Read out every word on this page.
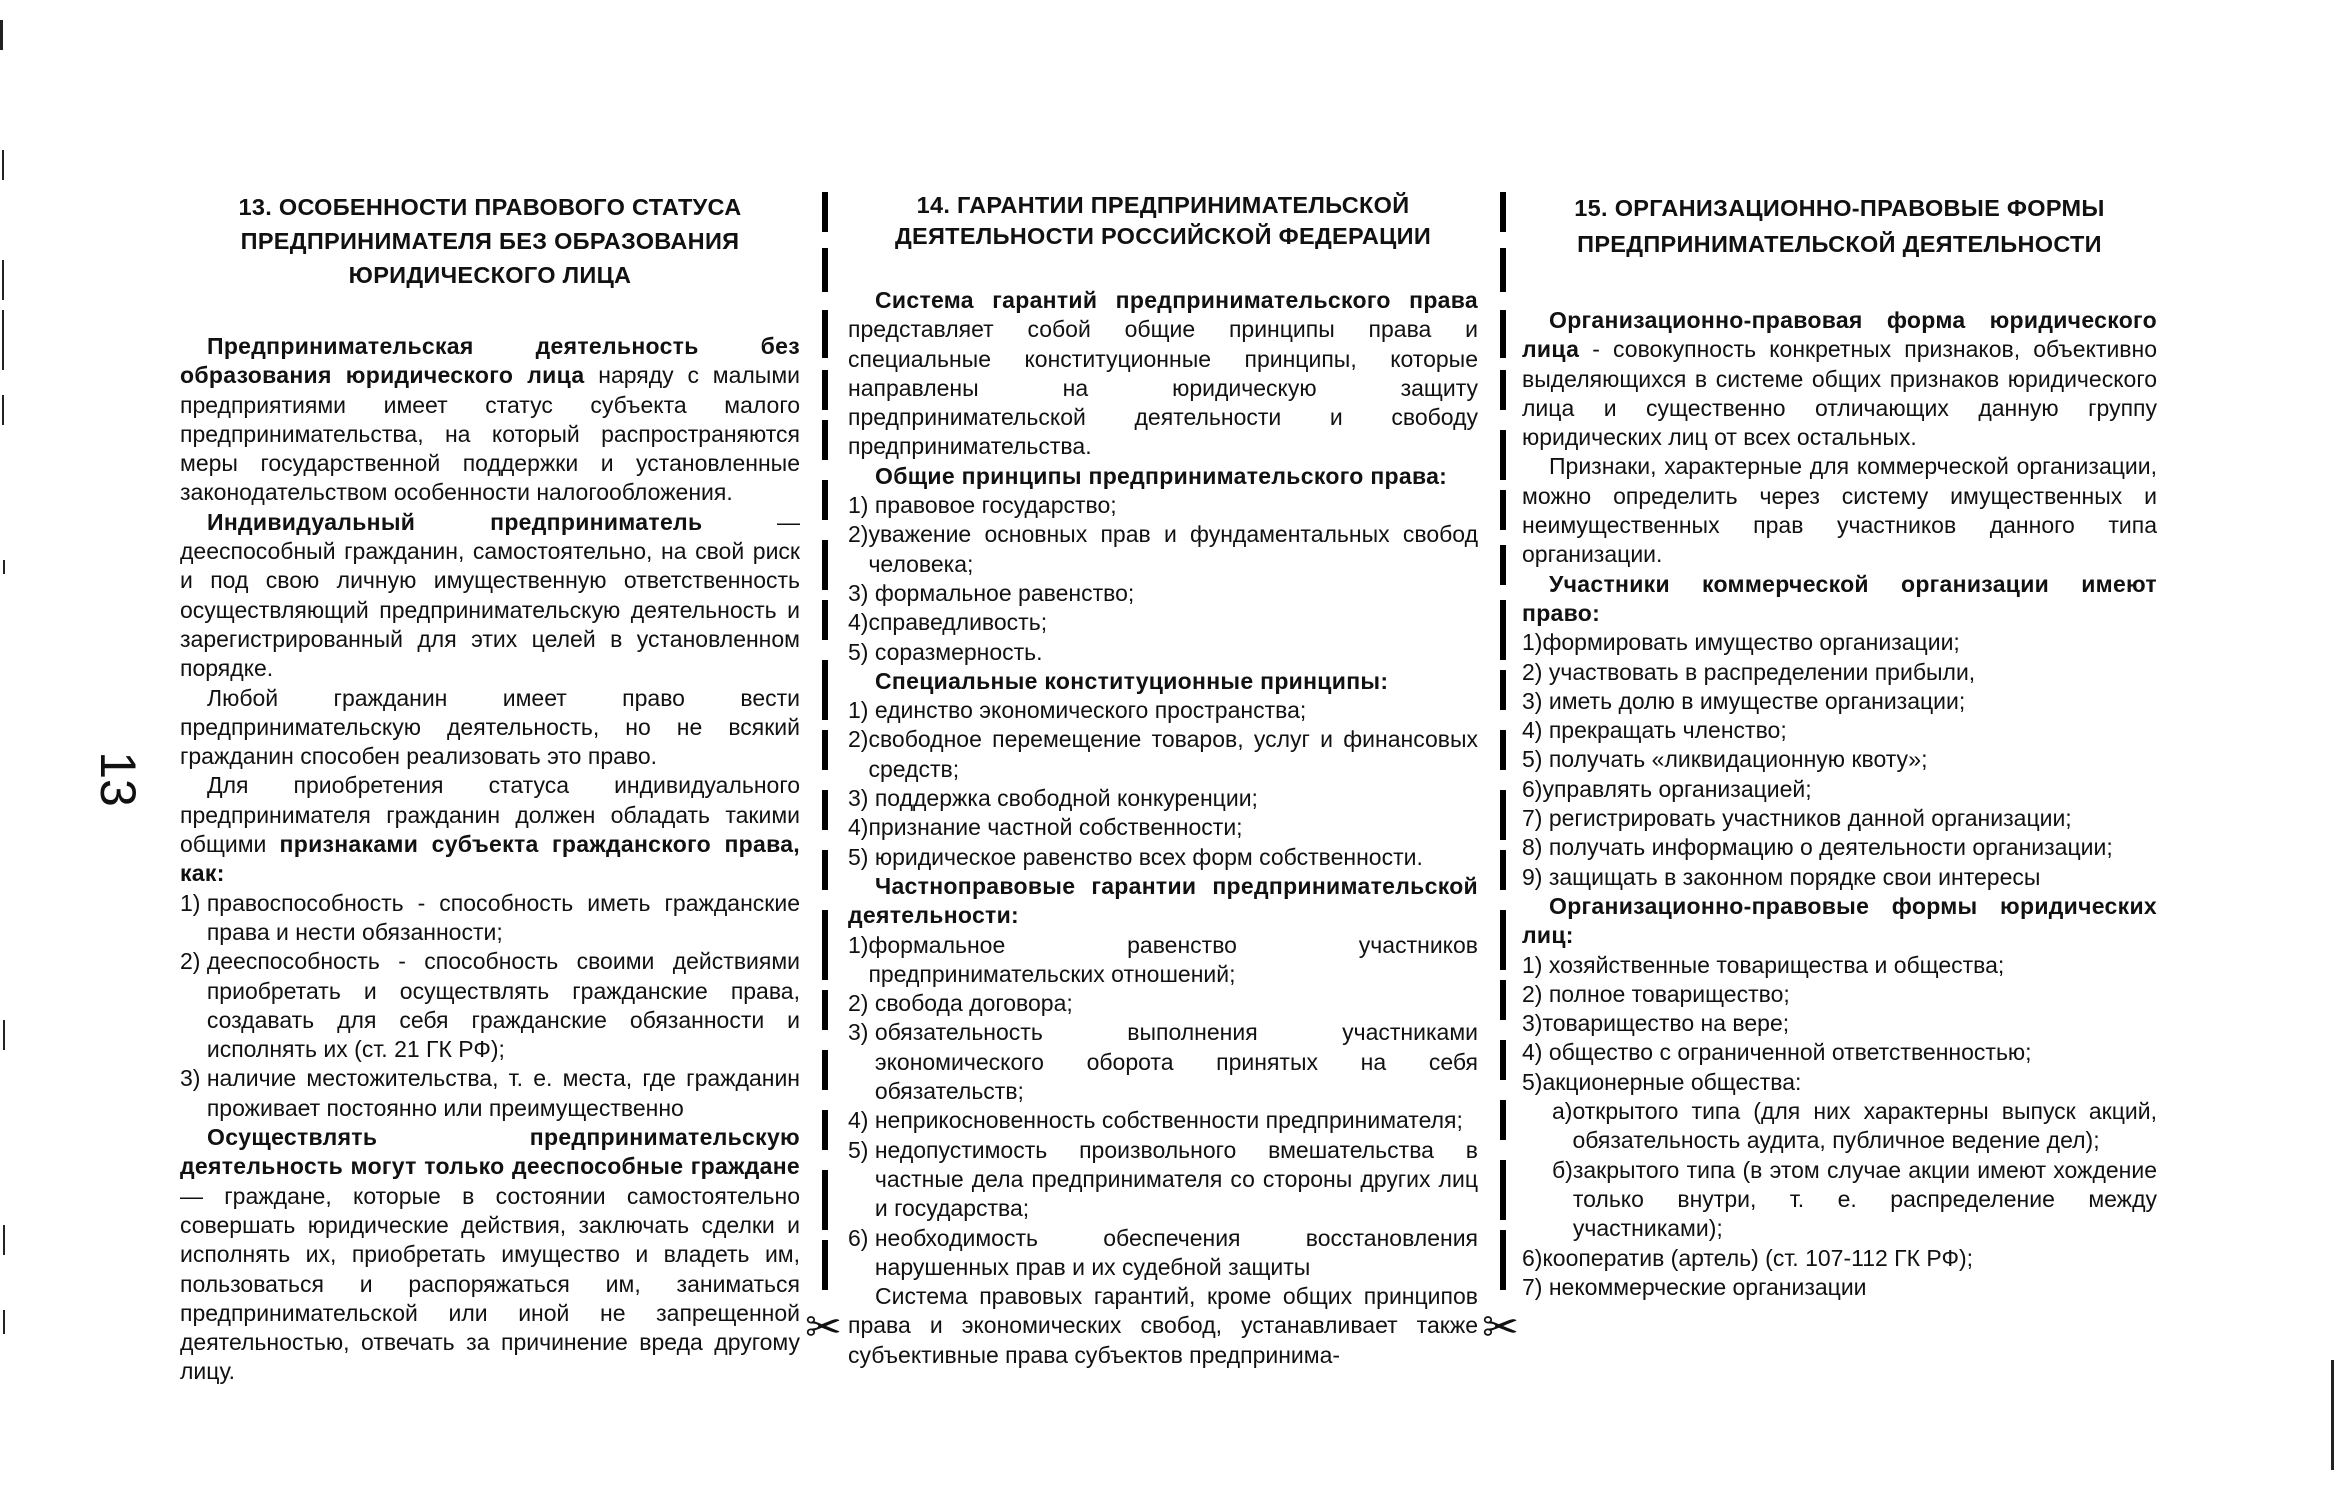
13
✂	✂
13. ОСОБЕННОСТИ ПРАВОВОГО СТАТУСА ПРЕДПРИНИМАТЕЛЯ БЕЗ ОБРАЗОВАНИЯ ЮРИДИЧЕСКОГО ЛИЦА

Предпринимательская деятельность без образования юридического лица наряду с малыми предприятиями имеет статус субъекта малого предпринимательства, на который распространяются меры государственной поддержки и установленные законодательством особенности налогообложения.

Индивидуальный предприниматель — дееспособный гражданин, самостоятельно, на свой риск и под свою личную имущественную ответственность осуществляющий предпринимательскую деятельность и зарегистрированный для этих целей в установленном порядке.

Любой гражданин имеет право вести предпринимательскую деятельность, но не всякий гражданин способен реализовать это право.

Для приобретения статуса индивидуального предпринимателя гражданин должен обладать такими общими признаками субъекта гражданского права, как:

1) правоспособность - способность иметь гражданские права и нести обязанности;
2) дееспособность - способность своими действиями приобретать и осуществлять гражданские права, создавать для себя гражданские обязанности и исполнять их (ст. 21 ГК РФ);
3) наличие местожительства, т. е. места, где гражданин проживает постоянно или преимущественно

Осуществлять предпринимательскую деятельность могут только дееспособные граждане — граждане, которые в состоянии самостоятельно совершать юридические действия, заключать сделки и исполнять их, приобретать имущество и владеть им, пользоваться и распоряжаться им, заниматься предпринимательской или иной не запрещенной деятельностью, отвечать за причинение вреда другому лицу.

14. ГАРАНТИИ ПРЕДПРИНИМАТЕЛЬСКОЙ ДЕЯТЕЛЬНОСТИ РОССИЙСКОЙ ФЕДЕРАЦИИ

Система гарантий предпринимательского права представляет собой общие принципы права и специальные конституционные принципы, которые направлены на юридическую защиту предпринимательской деятельности и свободу предпринимательства.

Общие принципы предпринимательского права:

1) правовое государство;
2) уважение основных прав и фундаментальных свобод человека;
3) формальное равенство;
4) справедливость;
5) соразмерность.

Специальные конституционные принципы:

1) единство экономического пространства;
2) свободное перемещение товаров, услуг и финансовых средств;
3) поддержка свободной конкуренции;
4) признание частной собственности;
5) юридическое равенство всех форм собственности.

Частноправовые гарантии предпринимательской деятельности:

1) формальное равенство участников предпринимательских отношений;
2) свобода договора;
3) обязательность выполнения участниками экономического оборота принятых на себя обязательств;
4) неприкосновенность собственности предпринимателя;
5) недопустимость произвольного вмешательства в частные дела предпринимателя со стороны других лиц и государства;
6) необходимость обеспечения восстановления нарушенных прав и их судебной защиты

Система правовых гарантий, кроме общих принципов права и экономических свобод, устанавливает также субъективные права субъектов предпринима-

15. ОРГАНИЗАЦИОННО-ПРАВОВЫЕ ФОРМЫ ПРЕДПРИНИМАТЕЛЬСКОЙ ДЕЯТЕЛЬНОСТИ

Организационно-правовая форма юридического лица - совокупность конкретных признаков, объективно выделяющихся в системе общих признаков юридического лица и существенно отличающих данную группу юридических лиц от всех остальных.

Признаки, характерные для коммерческой организации, можно определить через систему имущественных и неимущественных прав участников данного типа организации.

Участники коммерческой организации имеют право:

1) формировать имущество организации;
2) участвовать в распределении прибыли,
3) иметь долю в имуществе организации;
4) прекращать членство;
5) получать «ликвидационную квоту»;
6) управлять организацией;
7) регистрировать участников данной организации;
8) получать информацию о деятельности организации;
9) защищать в законном порядке свои интересы

Организационно-правовые формы юридических лиц:

1) хозяйственные товарищества и общества;
2) полное товарищество;
3) товарищество на вере;
4) общество с ограниченной ответственностью;
5) акционерные общества:
а) открытого типа (для них характерны выпуск акций, обязательность аудита, публичное ведение дел);
б) закрытого типа (в этом случае акции имеют хождение только внутри, т. е. распределение между участниками);
6) кооператив (артель) (ст. 107-112 ГК РФ);
7) некоммерческие организации
